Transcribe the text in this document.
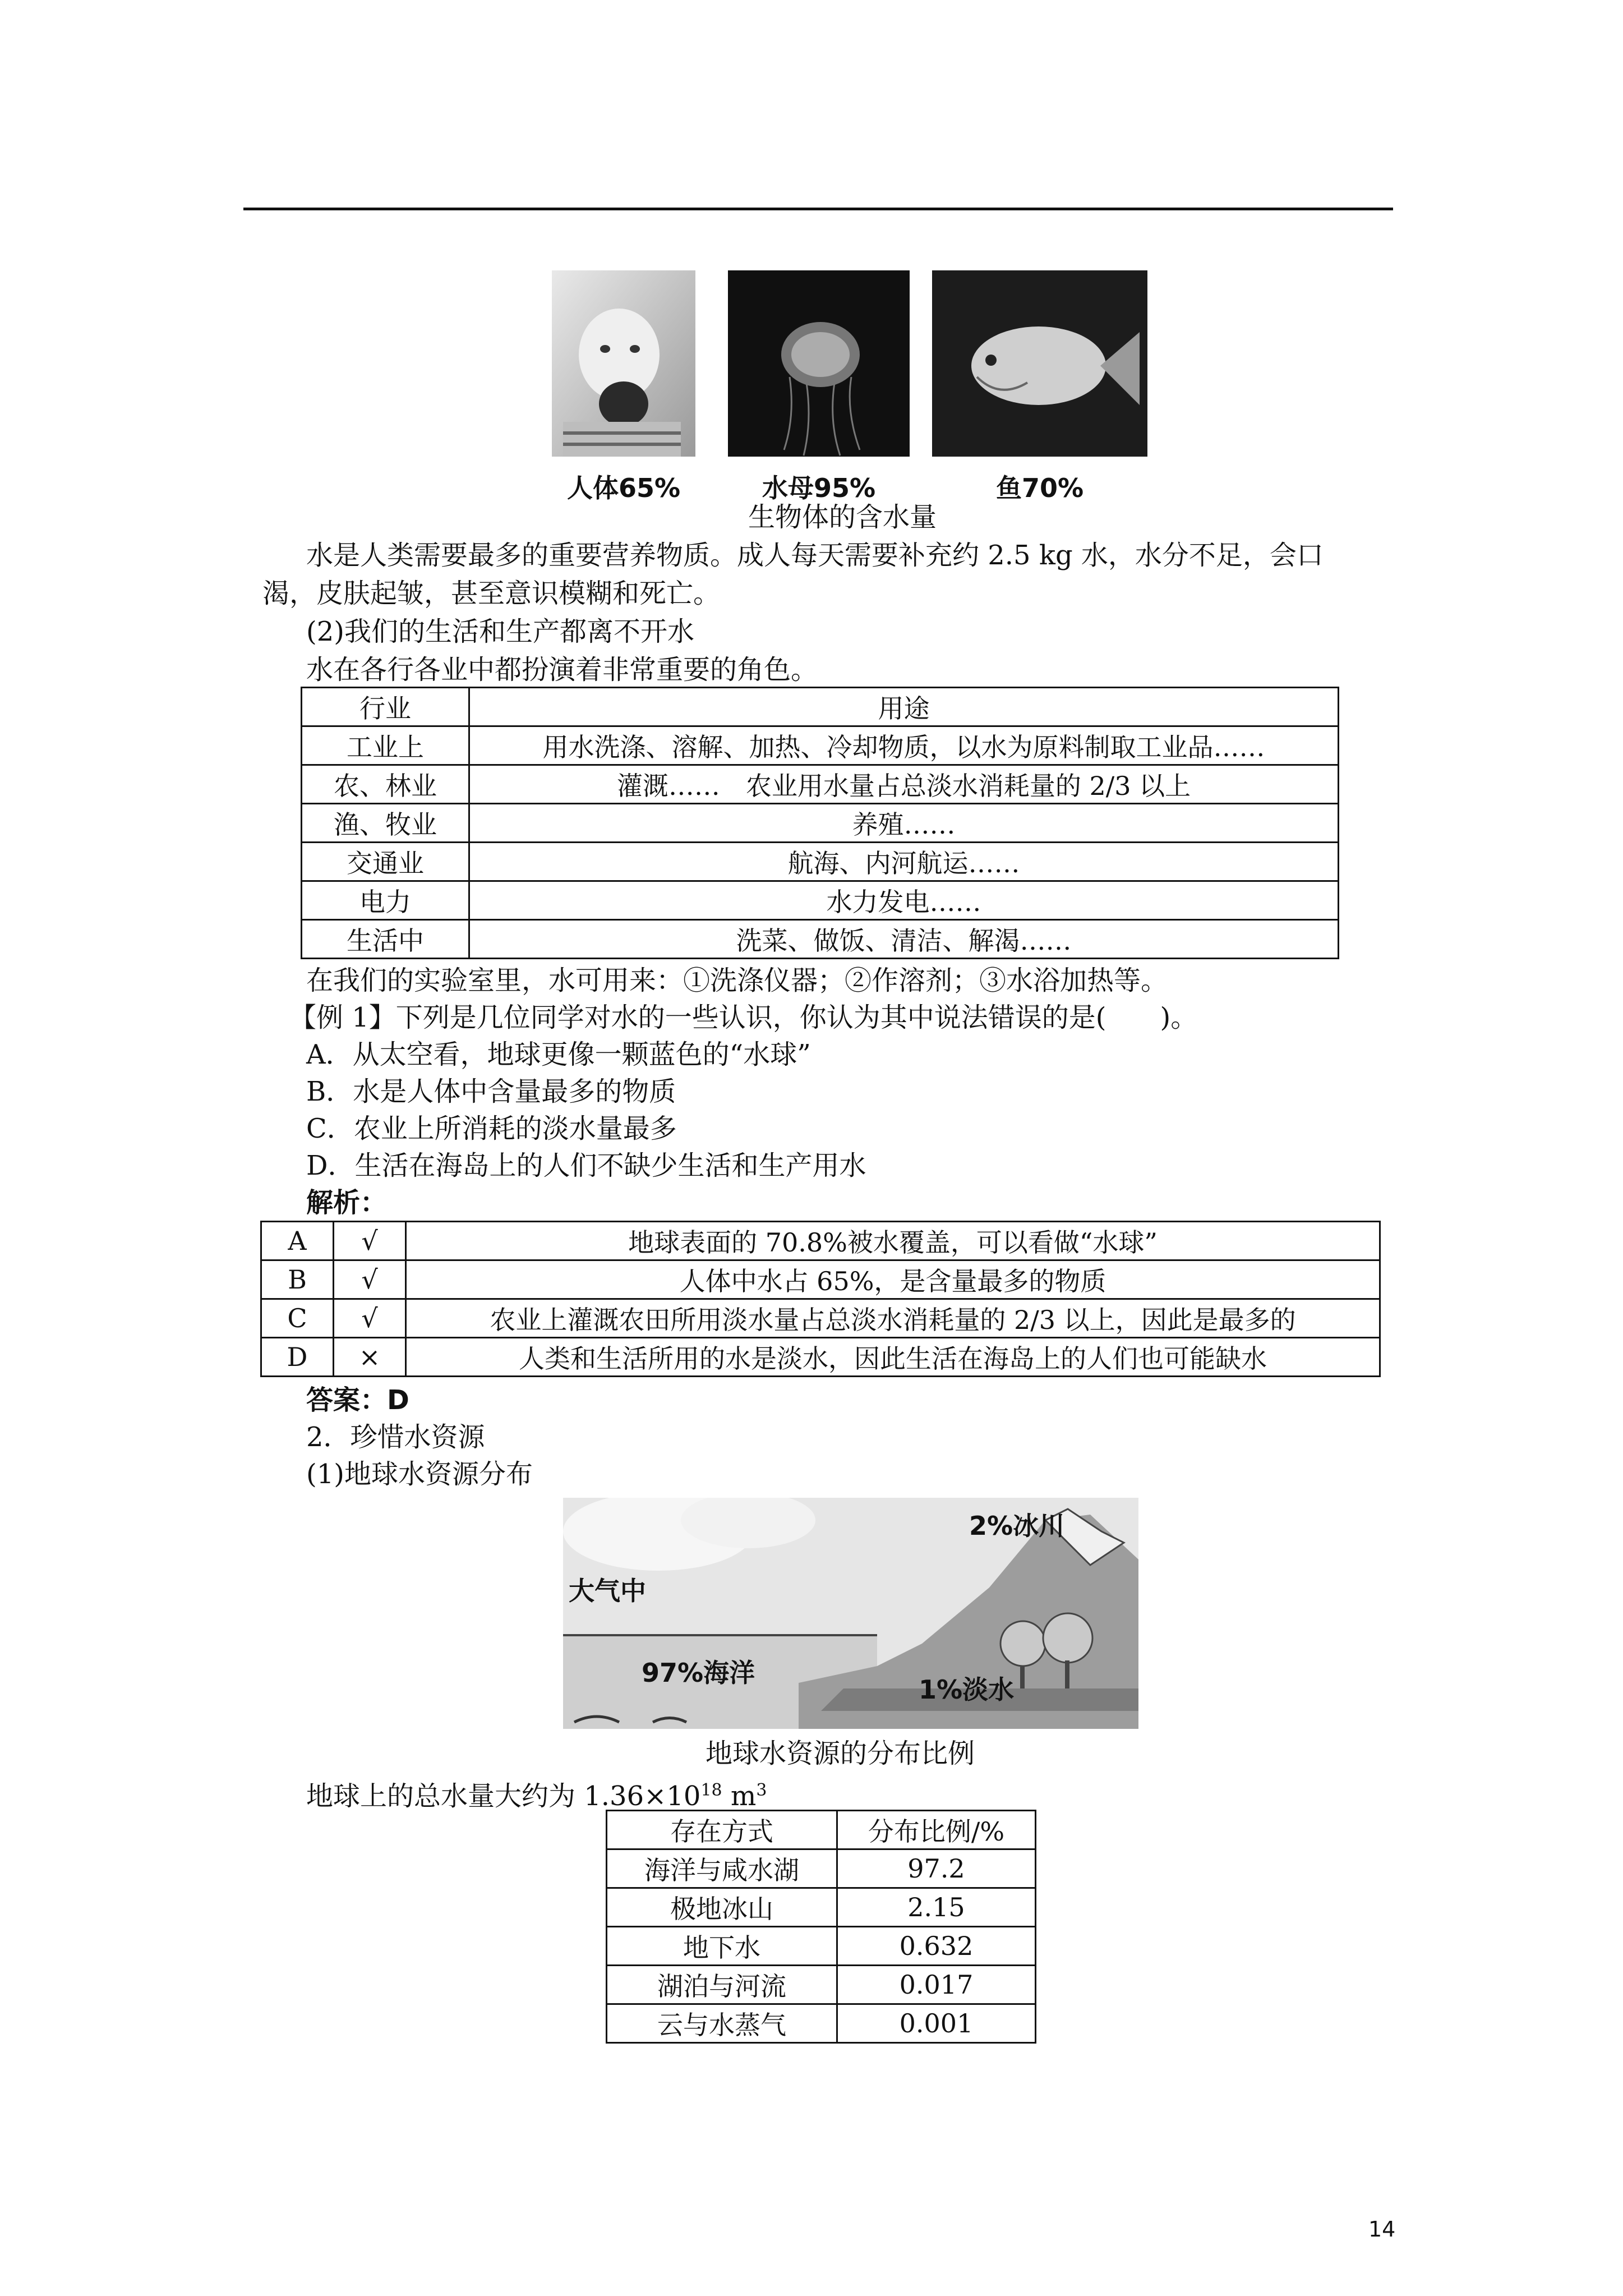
人体65%	水母95%	鱼70%
生物体的含水量
水是人类需要最多的重要营养物质。成人每天需要补充约 2.5 kg 水，水分不足，会口
渴，皮肤起皱，甚至意识模糊和死亡。
(2)我们的生活和生产都离不开水
水在各行各业中都扮演着非常重要的角色。
行业	用途
工业上	用水洗涤、溶解、加热、冷却物质，以水为原料制取工业品……
农、林业	灌溉……　农业用水量占总淡水消耗量的 2/3 以上
渔、牧业	养殖……
交通业	航海、内河航运……
电力	水力发电……
生活中	洗菜、做饭、清洁、解渴……
在我们的实验室里，水可用来：①洗涤仪器；②作溶剂；③水浴加热等。
【例 1】下列是几位同学对水的一些认识，你认为其中说法错误的是(　　)。
A．从太空看，地球更像一颗蓝色的“水球”
B．水是人体中含量最多的物质
C．农业上所消耗的淡水量最多
D．生活在海岛上的人们不缺少生活和生产用水
解析：
A	√	地球表面的 70.8%被水覆盖，可以看做“水球”
B	√	人体中水占 65%，是含量最多的物质
C	√	农业上灌溉农田所用淡水量占总淡水消耗量的 2/3 以上，因此是最多的
D	×	人类和生活所用的水是淡水，因此生活在海岛上的人们也可能缺水
答案：D
2．珍惜水资源
(1)地球水资源分布
2%冰川
大气中
97%海洋
1%淡水
地球水资源的分布比例
地球上的总水量大约为 $1.36\times 10^{18}$ $m^3$
存在方式	分布比例/%
海洋与咸水湖	97.2
极地冰山	2.15
地下水	0.632
湖泊与河流	0.017
云与水蒸气	0.001
14
